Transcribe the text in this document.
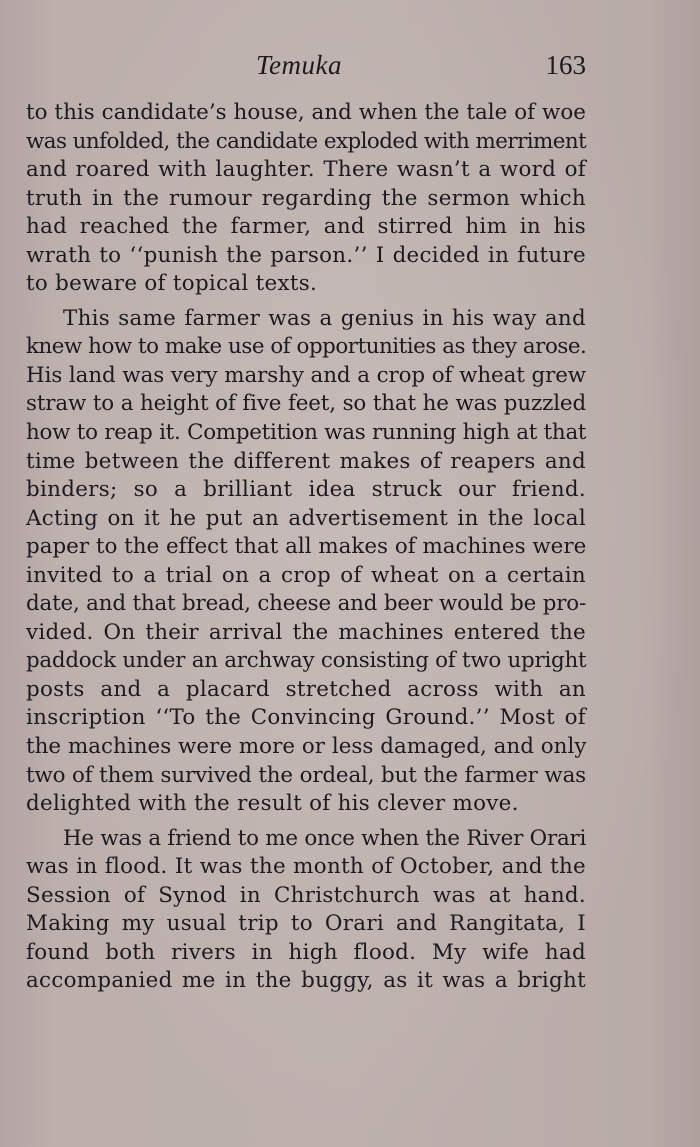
Temuka	163
to this candidate’s house, and when the tale of woe
was unfolded, the candidate exploded with merriment
and roared with laughter. There wasn’t a word of
truth in the rumour regarding the sermon which
had reached the farmer, and stirred him in his
wrath to ‘‘punish the parson.’’ I decided in future
to beware of topical texts.
This same farmer was a genius in his way and
knew how to make use of opportunities as they arose.
His land was very marshy and a crop of wheat grew
straw to a height of five feet, so that he was puzzled
how to reap it. Competition was running high at that
time between the different makes of reapers and
binders; so a brilliant idea struck our friend.
Acting on it he put an advertisement in the local
paper to the effect that all makes of machines were
invited to a trial on a crop of wheat on a certain
date, and that bread, cheese and beer would be pro-
vided. On their arrival the machines entered the
paddock under an archway consisting of two upright
posts and a placard stretched across with an
inscription ‘‘To the Convincing Ground.’’ Most of
the machines were more or less damaged, and only
two of them survived the ordeal, but the farmer was
delighted with the result of his clever move.
He was a friend to me once when the River Orari
was in flood. It was the month of October, and the
Session of Synod in Christchurch was at hand.
Making my usual trip to Orari and Rangitata, I
found both rivers in high flood. My wife had
accompanied me in the buggy, as it was a bright
